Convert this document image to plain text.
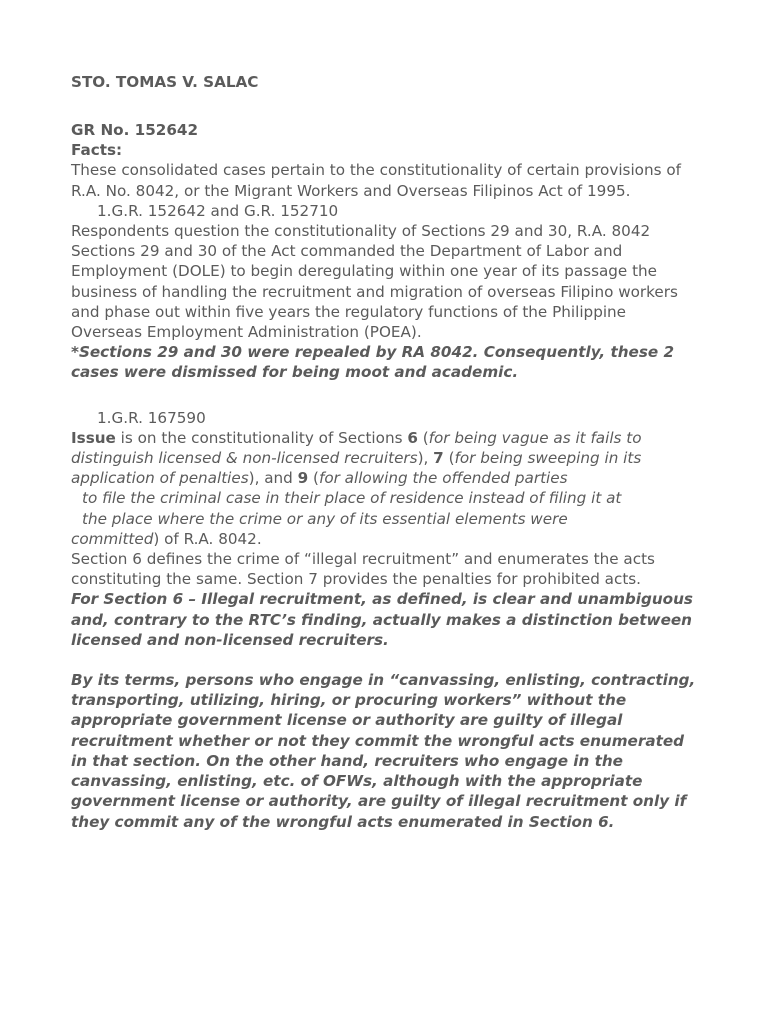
STO. TOMAS V. SALAC

GR No. 152642

Facts:

These consolidated cases pertain to the constitutionality of certain provisions of R.A. No. 8042, or the Migrant Workers and Overseas Filipinos Act of 1995.

1.G.R. 152642 and G.R. 152710

Respondents question the constitutionality of Sections 29 and 30, R.A. 8042

Sections 29 and 30 of the Act commanded the Department of Labor and Employment (DOLE) to begin deregulating within one year of its passage the business of handling the recruitment and migration of overseas Filipino workers and phase out within five years the regulatory functions of the Philippine Overseas Employment Administration (POEA).

*Sections 29 and 30 were repealed by RA 8042. Consequently, these 2 cases were dismissed for being moot and academic.

1.G.R. 167590

Issue is on the constitutionality of Sections 6 (for being vague as it fails to distinguish licensed & non-licensed recruiters), 7 (for being sweeping in its application of penalties), and 9 (for allowing the offended parties

to file the criminal case in their place of residence instead of filing it at

the place where the crime or any of its essential elements were

committed) of R.A. 8042.

Section 6 defines the crime of “illegal recruitment” and enumerates the acts constituting the same. Section 7 provides the penalties for prohibited acts.

For Section 6 – Illegal recruitment, as defined, is clear and unambiguous and, contrary to the RTC’s finding, actually makes a distinction between licensed and non-licensed recruiters.

By its terms, persons who engage in “canvassing, enlisting, contracting, transporting, utilizing, hiring, or procuring workers” without the appropriate government license or authority are guilty of illegal recruitment whether or not they commit the wrongful acts enumerated in that section. On the other hand, recruiters who engage in the canvassing, enlisting, etc. of OFWs, although with the appropriate government license or authority, are guilty of illegal recruitment only if they commit any of the wrongful acts enumerated in Section 6.
